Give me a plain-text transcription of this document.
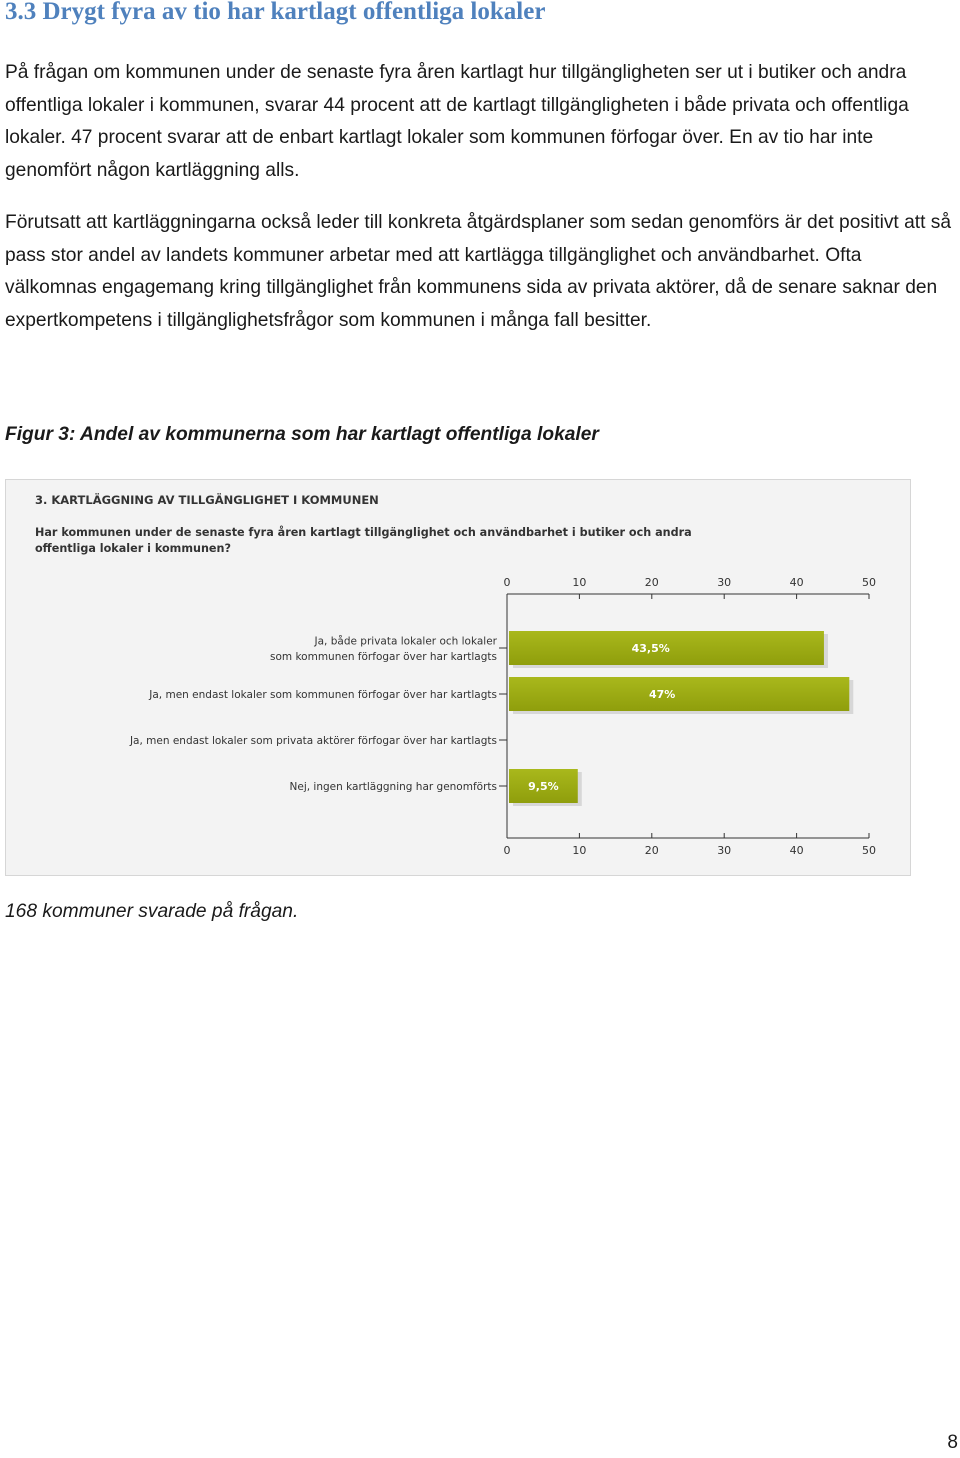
3.3 Drygt fyra av tio har kartlagt offentliga lokaler

På frågan om kommunen under de senaste fyra åren kartlagt hur tillgängligheten ser ut i butiker och andra offentliga lokaler i kommunen, svarar 44 procent att de kartlagt tillgängligheten i både privata och offentliga lokaler. 47 procent svarar att de enbart kartlagt lokaler som kommunen förfogar över. En av tio har inte genomfört någon kartläggning alls.

Förutsatt att kartläggningarna också leder till konkreta åtgärdsplaner som sedan genomförs är det positivt att så pass stor andel av landets kommuner arbetar med att kartlägga tillgänglighet och användbarhet. Ofta välkomnas engagemang kring tillgänglighet från kommunens sida av privata aktörer, då de senare saknar den expertkompetens i tillgänglighetsfrågor som kommunen i många fall besitter.

Figur 3: Andel av kommunerna som har kartlagt offentliga lokaler

3. KARTLÄGGNING AV TILLGÄNGLIGHET I KOMMUNEN
Har kommunen under de senaste fyra åren kartlagt tillgänglighet och användbarhet i butiker och andra
offentliga lokaler i kommunen?
0
0
10
10
20
20
30
30
40
40
50
50
Ja, både privata lokaler och lokaler
som kommunen förfogar över har kartlagts
43,5%
Ja, men endast lokaler som kommunen förfogar över har kartlagts	47%
Ja, men endast lokaler som privata aktörer förfogar över har kartlagts
Nej, ingen kartläggning har genomförts	9,5%

168 kommuner svarade på frågan.

8
